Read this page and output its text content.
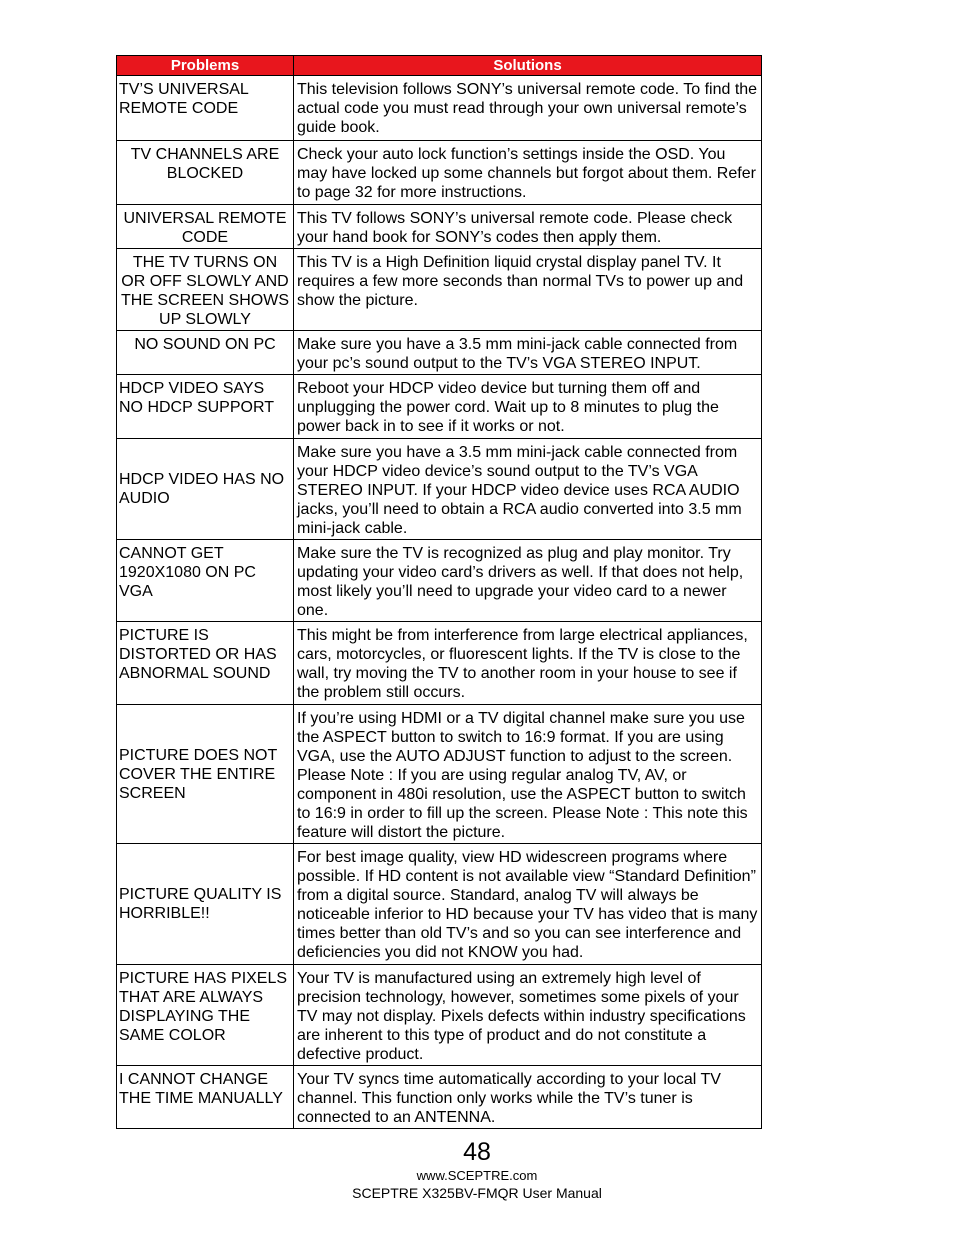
Problems	Solutions
TV’S UNIVERSAL REMOTE CODE	This television follows SONY’s universal remote code. To find the actual code you must read through your own universal remote’s guide book.
TV CHANNELS ARE BLOCKED	Check your auto lock function’s settings inside the OSD. You may have locked up some channels but forgot about them. Refer to page 32 for more instructions.
UNIVERSAL REMOTE CODE	This TV follows SONY’s universal remote code. Please check your hand book for SONY’s codes then apply them.
THE TV TURNS ON OR OFF SLOWLY AND THE SCREEN SHOWS UP SLOWLY	This TV is a High Definition liquid crystal display panel TV. It requires a few more seconds than normal TVs to power up and show the picture.
NO SOUND ON PC	Make sure you have a 3.5 mm mini-jack cable connected from your pc’s sound output to the TV’s VGA STEREO INPUT.
HDCP VIDEO SAYS NO HDCP SUPPORT	Reboot your HDCP video device but turning them off and unplugging the power cord. Wait up to 8 minutes to plug the power back in to see if it works or not.
HDCP VIDEO HAS NO AUDIO	Make sure you have a 3.5 mm mini-jack cable connected from your HDCP video device’s sound output to the TV’s VGA STEREO INPUT. If your HDCP video device uses RCA AUDIO jacks, you’ll need to obtain a RCA audio converted into 3.5 mm mini-jack cable.
CANNOT GET 1920X1080 ON PC VGA	Make sure the TV is recognized as plug and play monitor. Try updating your video card’s drivers as well. If that does not help, most likely you’ll need to upgrade your video card to a newer one.
PICTURE IS DISTORTED OR HAS ABNORMAL SOUND	This might be from interference from large electrical appliances, cars, motorcycles, or fluorescent lights. If the TV is close to the wall, try moving the TV to another room in your house to see if the problem still occurs.
PICTURE DOES NOT COVER THE ENTIRE SCREEN	If you’re using HDMI or a TV digital channel make sure you use the ASPECT button to switch to 16:9 format. If you are using VGA, use the AUTO ADJUST function to adjust to the screen. Please Note : If you are using regular analog TV, AV, or component in 480i resolution, use the ASPECT button to switch to 16:9 in order to fill up the screen. Please Note : This note this feature will distort the picture.
PICTURE QUALITY IS HORRIBLE!!	For best image quality, view HD widescreen programs where possible. If HD content is not available view “Standard Definition” from a digital source. Standard, analog TV will always be noticeable inferior to HD because your TV has video that is many times better than old TV’s and so you can see interference and deficiencies you did not KNOW you had.
PICTURE HAS PIXELS THAT ARE ALWAYS DISPLAYING THE SAME COLOR	Your TV is manufactured using an extremely high level of precision technology, however, sometimes some pixels of your TV may not display. Pixels defects within industry specifications are inherent to this type of product and do not constitute a defective product.
I CANNOT CHANGE THE TIME MANUALLY	Your TV syncs time automatically according to your local TV channel. This function only works while the TV’s tuner is connected to an ANTENNA.
48
www.SCEPTRE.com
SCEPTRE X325BV-FMQR User Manual
